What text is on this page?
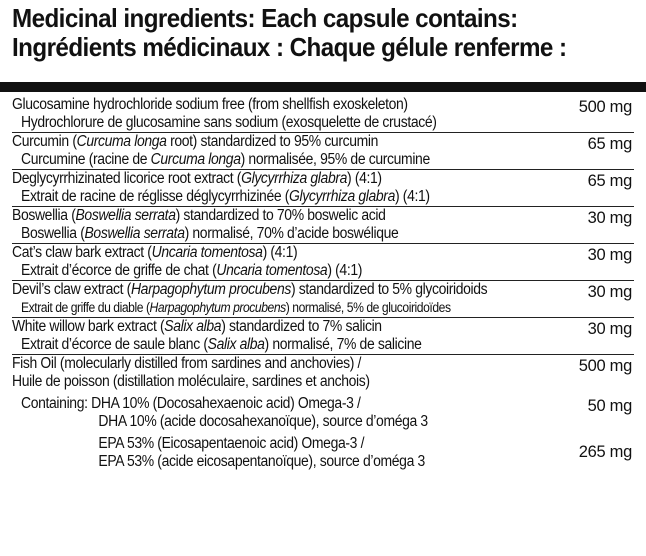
Medicinal ingredients: Each capsule contains:
Ingrédients médicinaux : Chaque gélule renferme :
Glucosamine hydrochloride sodium free (from shellfish exoskeleton)
Hydrochlorure de glucosamine sans sodium (exosquelette de crustacé)
500 mg
Curcumin (Curcuma longa root) standardized to 95% curcumin
Curcumine (racine de Curcuma longa) normalisée, 95% de curcumine
65 mg
Deglycyrrhizinated licorice root extract (Glycyrrhiza glabra) (4:1)
Extrait de racine de réglisse déglycyrrhizinée (Glycyrrhiza glabra) (4:1)
65 mg
Boswellia (Boswellia serrata) standardized to 70% boswelic acid
Boswellia (Boswellia serrata) normalisé, 70% d’acide boswélique
30 mg
Cat’s claw bark extract (Uncaria tomentosa) (4:1)
Extrait d’écorce de griffe de chat (Uncaria tomentosa) (4:1)
30 mg
Devil’s claw extract (Harpagophytum procubens) standardized to 5% glycoiridoids
Extrait de griffe du diable (Harpagophytum procubens) normalisé, 5% de glucoiridoïdes
30 mg
White willow bark extract (Salix alba) standardized to 7% salicin
Extrait d’écorce de saule blanc (Salix alba) normalisé, 7% de salicine
30 mg
Fish Oil (molecularly distilled from sardines and anchovies) /
Huile de poisson (distillation moléculaire, sardines et anchois)
500 mg
Containing: DHA 10% (Docosahexaenoic acid) Omega-3 /
DHA 10% (acide docosahexanoïque), source d’oméga 3
50 mg
EPA 53% (Eicosapentaenoic acid) Omega-3 /
EPA 53% (acide eicosapentanoïque), source d’oméga 3
265 mg
